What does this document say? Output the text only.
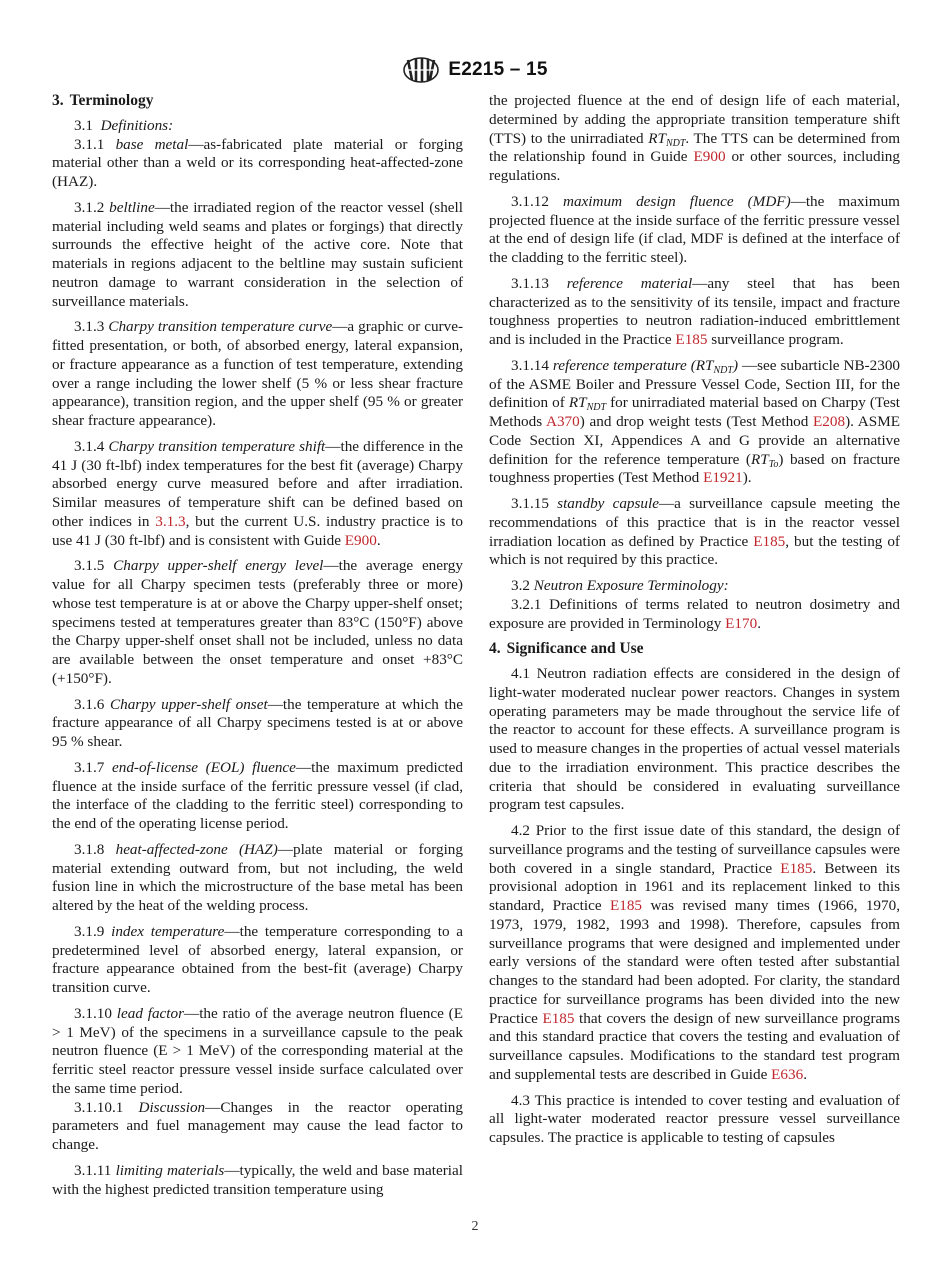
E2215 – 15
3. Terminology

3.1 Definitions:

3.1.1 base metal—as-fabricated plate material or forging material other than a weld or its corresponding heat-affected-zone (HAZ).

3.1.2 beltline—the irradiated region of the reactor vessel (shell material including weld seams and plates or forgings) that directly surrounds the effective height of the active core. Note that materials in regions adjacent to the beltline may sustain suficient neutron damage to warrant consideration in the selection of surveillance materials.

3.1.3 Charpy transition temperature curve—a graphic or curve-fitted presentation, or both, of absorbed energy, lateral expansion, or fracture appearance as a function of test temperature, extending over a range including the lower shelf (5 % or less shear fracture appearance), transition region, and the upper shelf (95 % or greater shear fracture appearance).

3.1.4 Charpy transition temperature shift—the difference in the 41 J (30 ft-lbf) index temperatures for the best fit (average) Charpy absorbed energy curve measured before and after irradiation. Similar measures of temperature shift can be defined based on other indices in 3.1.3, but the current U.S. industry practice is to use 41 J (30 ft-lbf) and is consistent with Guide E900.

3.1.5 Charpy upper-shelf energy level—the average energy value for all Charpy specimen tests (preferably three or more) whose test temperature is at or above the Charpy upper-shelf onset; specimens tested at temperatures greater than 83°C (150°F) above the Charpy upper-shelf onset shall not be included, unless no data are available between the onset temperature and onset +83°C (+150°F).

3.1.6 Charpy upper-shelf onset—the temperature at which the fracture appearance of all Charpy specimens tested is at or above 95 % shear.

3.1.7 end-of-license (EOL) fluence—the maximum predicted fluence at the inside surface of the ferritic pressure vessel (if clad, the interface of the cladding to the ferritic steel) corresponding to the end of the operating license period.

3.1.8 heat-affected-zone (HAZ)—plate material or forging material extending outward from, but not including, the weld fusion line in which the microstructure of the base metal has been altered by the heat of the welding process.

3.1.9 index temperature—the temperature corresponding to a predetermined level of absorbed energy, lateral expansion, or fracture appearance obtained from the best-fit (average) Charpy transition curve.

3.1.10 lead factor—the ratio of the average neutron fluence (E > 1 MeV) of the specimens in a surveillance capsule to the peak neutron fluence (E > 1 MeV) of the corresponding material at the ferritic steel reactor pressure vessel inside surface calculated over the same time period.

3.1.10.1 Discussion—Changes in the reactor operating parameters and fuel management may cause the lead factor to change.

3.1.11 limiting materials—typically, the weld and base material with the highest predicted transition temperature using

the projected fluence at the end of design life of each material, determined by adding the appropriate transition temperature shift (TTS) to the unirradiated $RT_{NDT}$. The TTS can be determined from the relationship found in Guide E900 or other sources, including regulations.

3.1.12 maximum design fluence (MDF)—the maximum projected fluence at the inside surface of the ferritic pressure vessel at the end of design life (if clad, MDF is defined at the interface of the cladding to the ferritic steel).

3.1.13 reference material—any steel that has been characterized as to the sensitivity of its tensile, impact and fracture toughness properties to neutron radiation-induced embrittlement and is included in the Practice E185 surveillance program.

3.1.14 reference temperature $(RT_{NDT})$ —see subarticle NB-2300 of the ASME Boiler and Pressure Vessel Code, Section III, for the definition of $RT_{NDT}$ for unirradiated material based on Charpy (Test Methods A370) and drop weight tests (Test Method E208). ASME Code Section XI, Appendices A and G provide an alternative definition for the reference temperature $(RT_{To})$ based on fracture toughness properties (Test Method E1921).

3.1.15 standby capsule—a surveillance capsule meeting the recommendations of this practice that is in the reactor vessel irradiation location as defined by Practice E185, but the testing of which is not required by this practice.

3.2 Neutron Exposure Terminology:

3.2.1 Definitions of terms related to neutron dosimetry and exposure are provided in Terminology E170.

4. Significance and Use

4.1 Neutron radiation effects are considered in the design of light-water moderated nuclear power reactors. Changes in system operating parameters may be made throughout the service life of the reactor to account for these effects. A surveillance program is used to measure changes in the properties of actual vessel materials due to the irradiation environment. This practice describes the criteria that should be considered in evaluating surveillance program test capsules.

4.2 Prior to the first issue date of this standard, the design of surveillance programs and the testing of surveillance capsules were both covered in a single standard, Practice E185. Between its provisional adoption in 1961 and its replacement linked to this standard, Practice E185 was revised many times (1966, 1970, 1973, 1979, 1982, 1993 and 1998). Therefore, capsules from surveillance programs that were designed and implemented under early versions of the standard were often tested after substantial changes to the standard had been adopted. For clarity, the standard practice for surveillance programs has been divided into the new Practice E185 that covers the design of new surveillance programs and this standard practice that covers the testing and evaluation of surveillance capsules. Modifications to the standard test program and supplemental tests are described in Guide E636.

4.3 This practice is intended to cover testing and evaluation of all light-water moderated reactor pressure vessel surveillance capsules. The practice is applicable to testing of capsules

2
